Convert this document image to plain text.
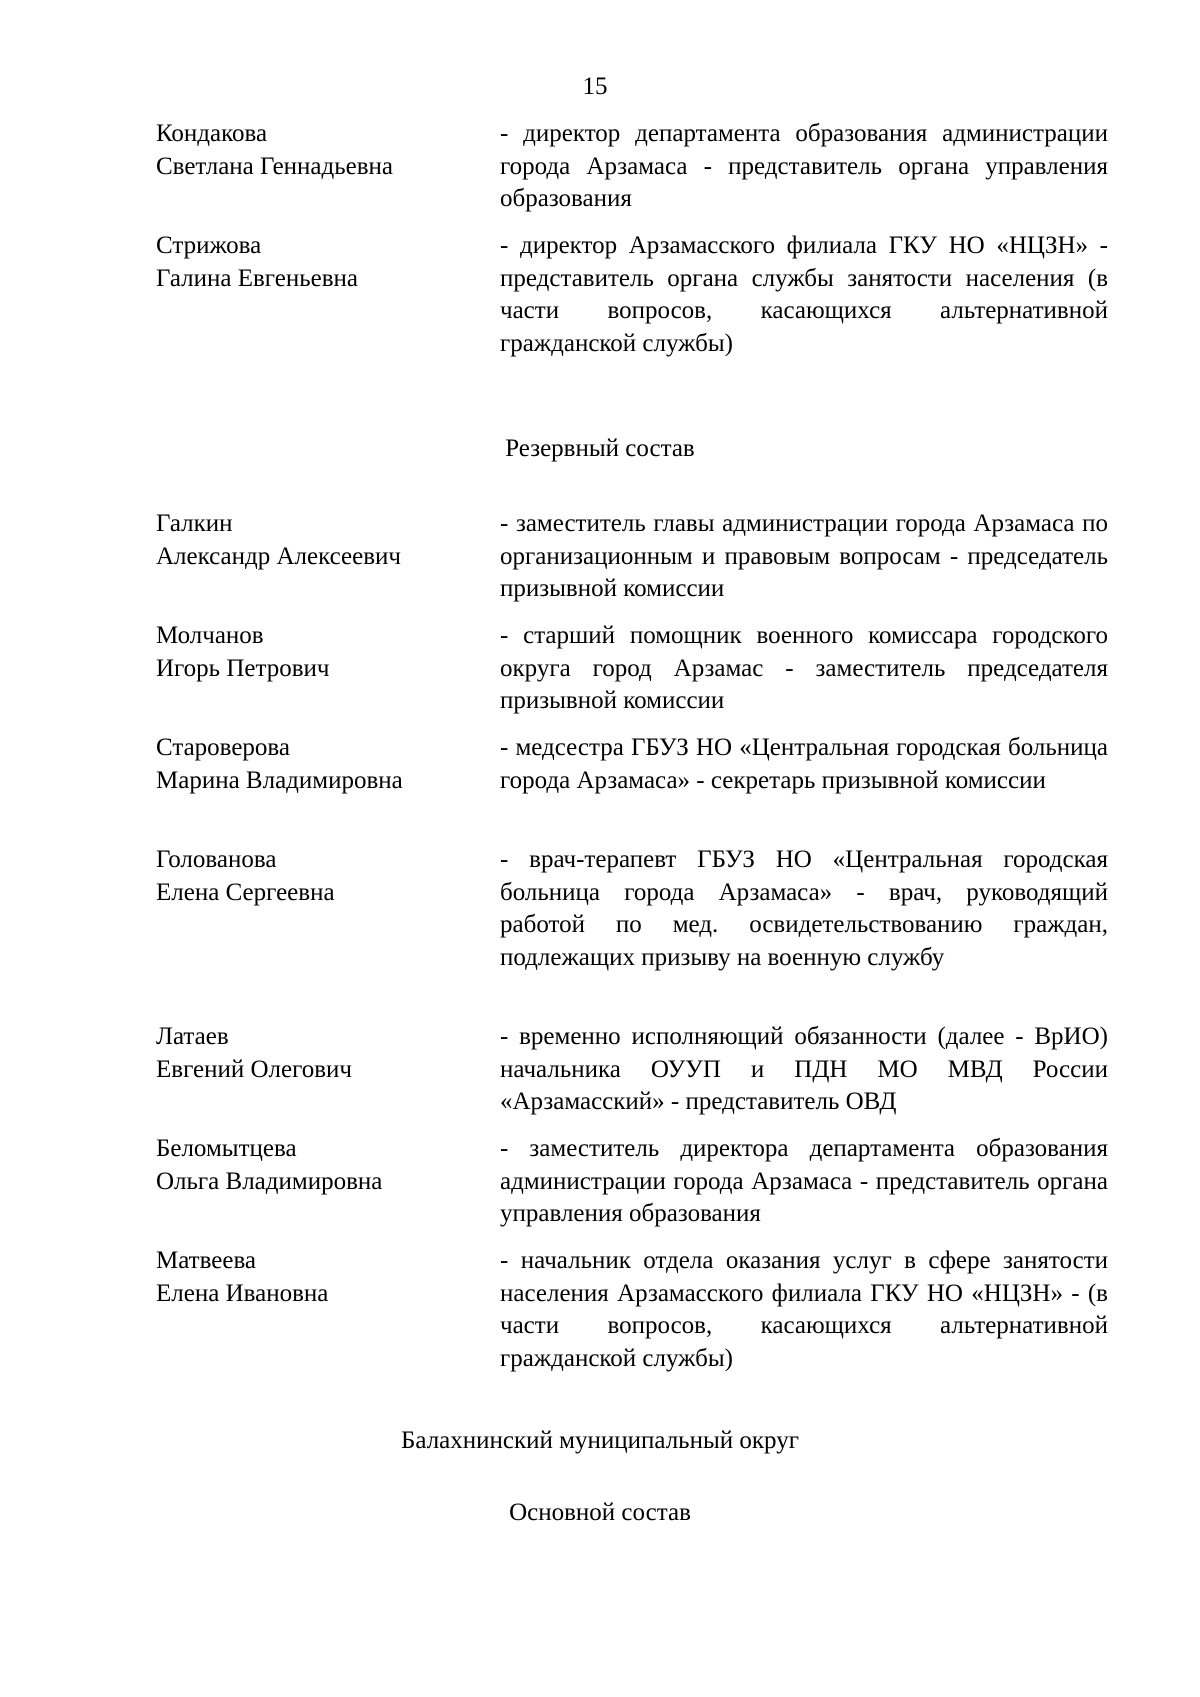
15
Кондакова
Светлана Геннадьевна
- директор департамента образования администрации города Арзамаса - представитель органа управления образования
Стрижова
Галина Евгеньевна
- директор Арзамасского филиала ГКУ НО «НЦЗН» - представитель органа службы занятости населения (в части вопросов, касающихся альтернативной гражданской службы)
Резервный состав
Галкин
Александр Алексеевич
- заместитель главы администрации города Арзамаса по организационным и правовым вопросам - председатель призывной комиссии
Молчанов
Игорь Петрович
- старший помощник военного комиссара городского округа город Арзамас - заместитель председателя призывной комиссии
Староверова
Марина Владимировна
- медсестра ГБУЗ НО «Центральная городская больница города Арзамаса» - секретарь призывной комиссии
Голованова
Елена Сергеевна
- врач-терапевт ГБУЗ НО «Центральная городская больница города Арзамаса» - врач, руководящий работой по мед. освидетельствованию граждан, подлежащих призыву на военную службу
Латаев
Евгений Олегович
- временно исполняющий обязанности (далее - ВрИО) начальника ОУУП и ПДН МО МВД России «Арзамасский» - представитель ОВД
Беломытцева
Ольга Владимировна
- заместитель директора департамента образования администрации города Арзамаса - представитель органа управления образования
Матвеева
Елена Ивановна
- начальник отдела оказания услуг в сфере занятости населения Арзамасского филиала ГКУ НО «НЦЗН» - (в части вопросов, касающихся альтернативной гражданской службы)
Балахнинский муниципальный округ
Основной состав
